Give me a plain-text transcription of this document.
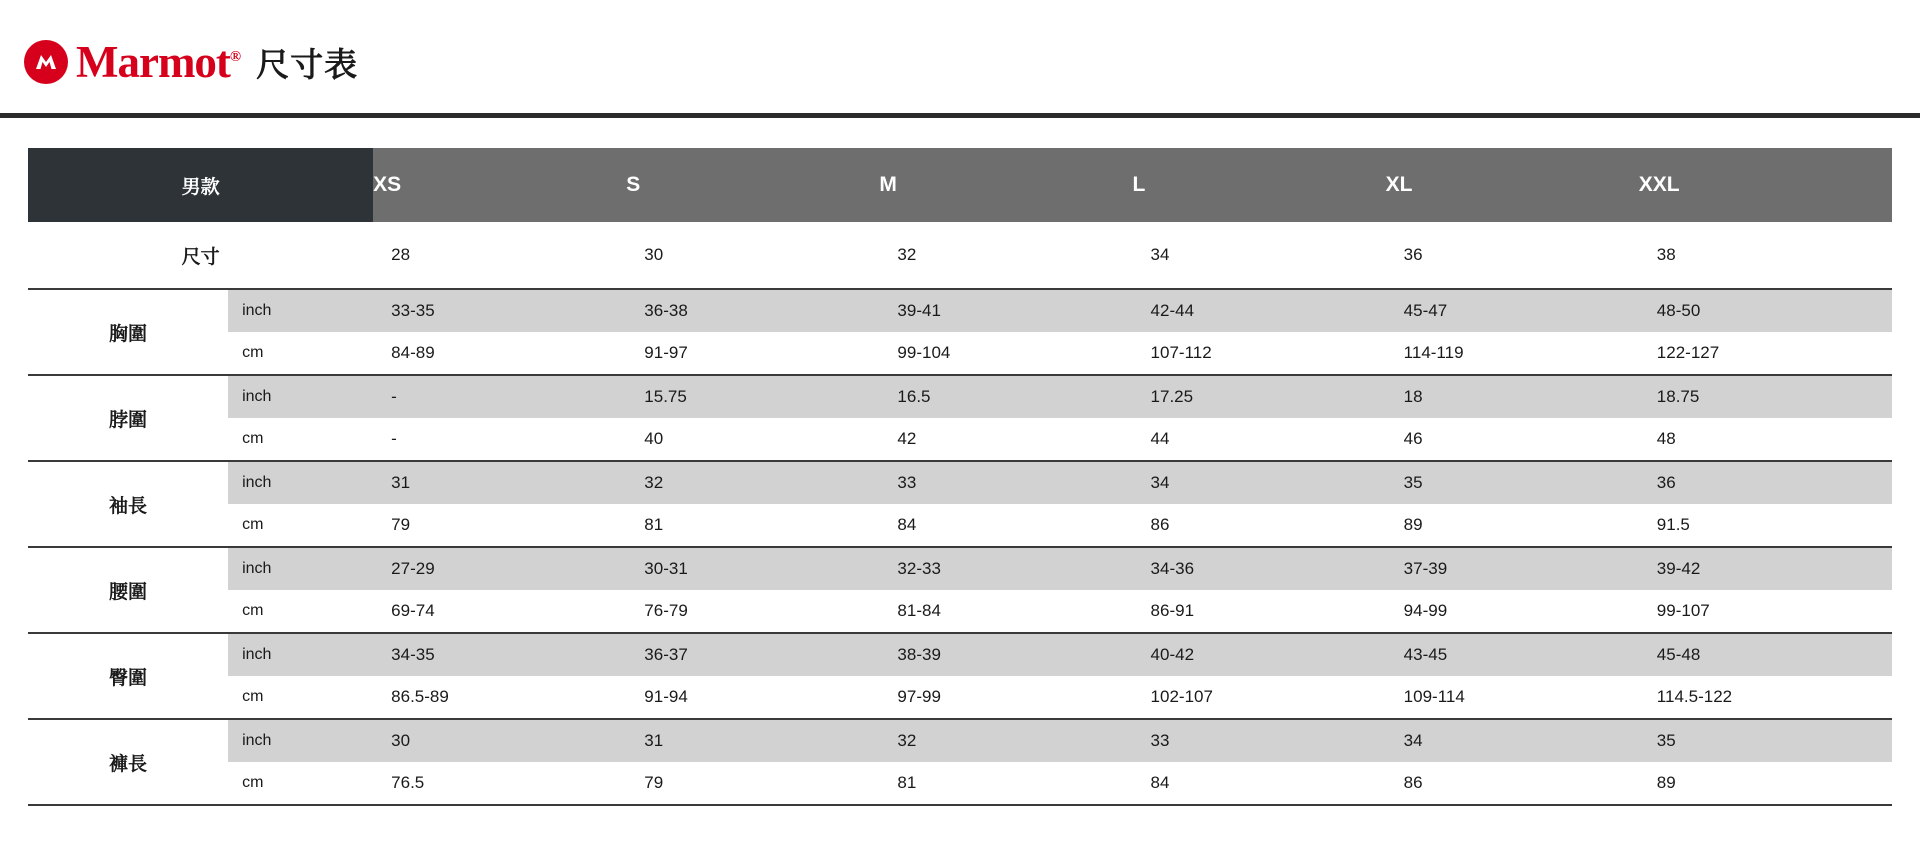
Marmot® 尺寸表
男款		XS	S	M	L	XL	XXL
尺寸		28	30	32	34	36	38
胸圍	inch	33-35	36-38	39-41	42-44	45-47	48-50
	cm	84-89	91-97	99-104	107-112	114-119	122-127
脖圍	inch	-	15.75	16.5	17.25	18	18.75
	cm	-	40	42	44	46	48
袖長	inch	31	32	33	34	35	36
	cm	79	81	84	86	89	91.5
腰圍	inch	27-29	30-31	32-33	34-36	37-39	39-42
	cm	69-74	76-79	81-84	86-91	94-99	99-107
臀圍	inch	34-35	36-37	38-39	40-42	43-45	45-48
	cm	86.5-89	91-94	97-99	102-107	109-114	114.5-122
褲長	inch	30	31	32	33	34	35
	cm	76.5	79	81	84	86	89
